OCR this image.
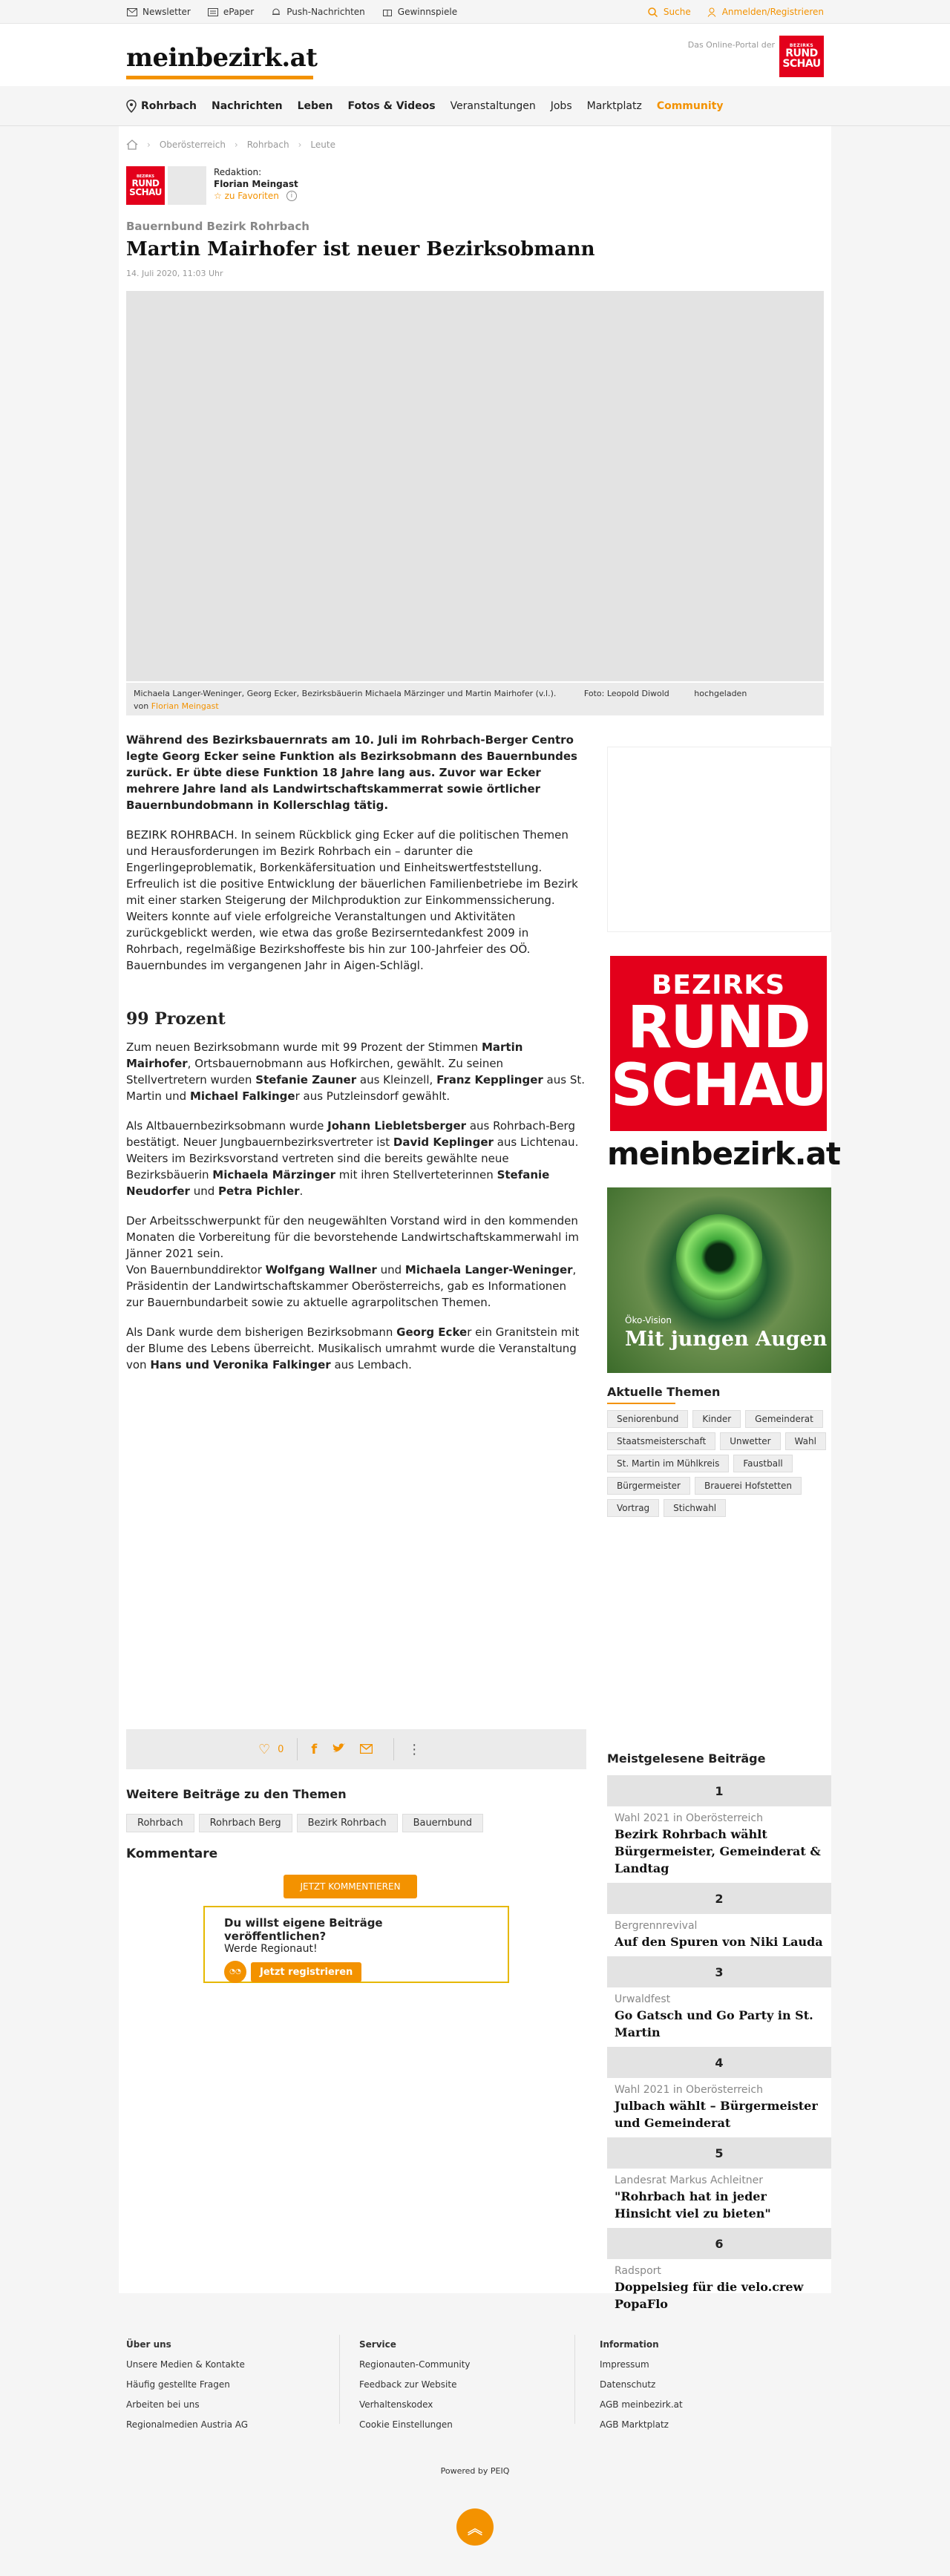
Newsletter	ePaper	Push-Nachrichten	Gewinnspiele	Suche	Anmelden/Registrieren
meinbezirk.at	Das Online-Portal der	BEZIRKS
RUND
SCHAU
Rohrbach Nachrichten Leben Fotos & Videos Veranstaltungen Jobs Marktplatz Community
› Oberösterreich › Rohrbach › Leute
BEZIRKS
RUND
SCHAU
Redaktion:
Florian Meingast
☆ zu Favoriten	i
Bauernbund Bezirk Rohrbach
Martin Mairhofer ist neuer Bezirksobmann
14. Juli 2020, 11:03 Uhr
Michaela Langer-Weninger, Georg Ecker, Bezirksbäuerin Michaela Märzinger und Martin Mairhofer (v.l.).	Foto: Leopold Diwold	hochgeladen
von Florian Meingast

Während des Bezirksbauernrats am 10. Juli im Rohrbach-Berger Centro legte Georg Ecker seine Funktion als Bezirksobmann des Bauernbundes zurück. Er übte diese Funktion 18 Jahre lang aus. Zuvor war Ecker mehrere Jahre land als Landwirtschaftskammerrat sowie örtlicher Bauernbundobmann in Kollerschlag tätig.

BEZIRK ROHRBACH. In seinem Rückblick ging Ecker auf die politischen Themen und Herausforderungen im Bezirk Rohrbach ein – darunter die Engerlingeproblematik, Borkenkäfersituation und Einheitswertfeststellung. Erfreulich ist die positive Entwicklung der bäuerlichen Familienbetriebe im Bezirk mit einer starken Steigerung der Milchproduktion zur Einkommenssicherung. Weiters konnte auf viele erfolgreiche Veranstaltungen und Aktivitäten zurückgeblickt werden, wie etwa das große Bezirserntedankfest 2009 in Rohrbach, regelmäßige Bezirkshoffeste bis hin zur 100-Jahrfeier des OÖ. Bauernbundes im vergangenen Jahr in Aigen-Schlägl.

99 Prozent

Zum neuen Bezirksobmann wurde mit 99 Prozent der Stimmen Martin Mairhofer, Ortsbauernobmann aus Hofkirchen, gewählt. Zu seinen Stellvertretern wurden Stefanie Zauner aus Kleinzell, Franz Kepplinger aus St. Martin und Michael Falkinger aus Putzleinsdorf gewählt.

Als Altbauernbezirksobmann wurde Johann Liebletsberger aus Rohrbach-Berg bestätigt. Neuer Jungbauernbezirksvertreter ist David Keplinger aus Lichtenau. Weiters im Bezirksvorstand vertreten sind die bereits gewählte neue Bezirksbäuerin Michaela Märzinger mit ihren Stellverteterinnen Stefanie Neudorfer und Petra Pichler.

Der Arbeitsschwerpunkt für den neugewählten Vorstand wird in den kommenden Monaten die Vorbereitung für die bevorstehende Landwirtschaftskammerwahl im Jänner 2021 sein.
Von Bauernbunddirektor Wolfgang Wallner und Michaela Langer-Weninger, Präsidentin der Landwirtschaftskammer Oberösterreichs, gab es Informationen zur Bauernbundarbeit sowie zu aktuelle agrarpolitschen Themen.

Als Dank wurde dem bisherigen Bezirksobmann Georg Ecker ein Granitstein mit der Blume des Lebens überreicht. Musikalisch umrahmt wurde die Veranstaltung von Hans und Veronika Falkinger aus Lembach.

♡ 0 f	⋮
Weitere Beiträge zu den Themen
Rohrbach	Rohrbach Berg	Bezirk Rohrbach	Bauernbund
Kommentare
JETZT KOMMENTIEREN
Du willst eigene Beiträge veröffentlichen?
Werde Regionaut!
◔◔	Jetzt registrieren
BEZIRKS
RUND
SCHAU
meinbezirk.at
Öko-Vision
Mit jungen Augen
Aktuelle Themen
Seniorenbund	Kinder	Gemeinderat
Staatsmeisterschaft	Unwetter	Wahl
St. Martin im Mühlkreis	Faustball
Bürgermeister	Brauerei Hofstetten
Vortrag	Stichwahl
Meistgelesene Beiträge
1
Wahl 2021 in Oberösterreich
Bezirk Rohrbach wählt Bürgermeister, Gemeinderat & Landtag
2
Bergrennrevival
Auf den Spuren von Niki Lauda
3
Urwaldfest
Go Gatsch und Go Party in St. Martin
4
Wahl 2021 in Oberösterreich
Julbach wählt – Bürgermeister und Gemeinderat
5
Landesrat Markus Achleitner
"Rohrbach hat in jeder Hinsicht viel zu bieten"
6
Radsport
Doppelsieg für die velo.crew PopaFlo
Über uns
Unsere Medien & Kontakte
Häufig gestellte Fragen
Arbeiten bei uns
Regionalmedien Austria AG
Service
Regionauten-Community
Feedback zur Website
Verhaltenskodex
Cookie Einstellungen
Information
Impressum
Datenschutz
AGB meinbezirk.at
AGB Marktplatz
Powered by PEIQ
︽
